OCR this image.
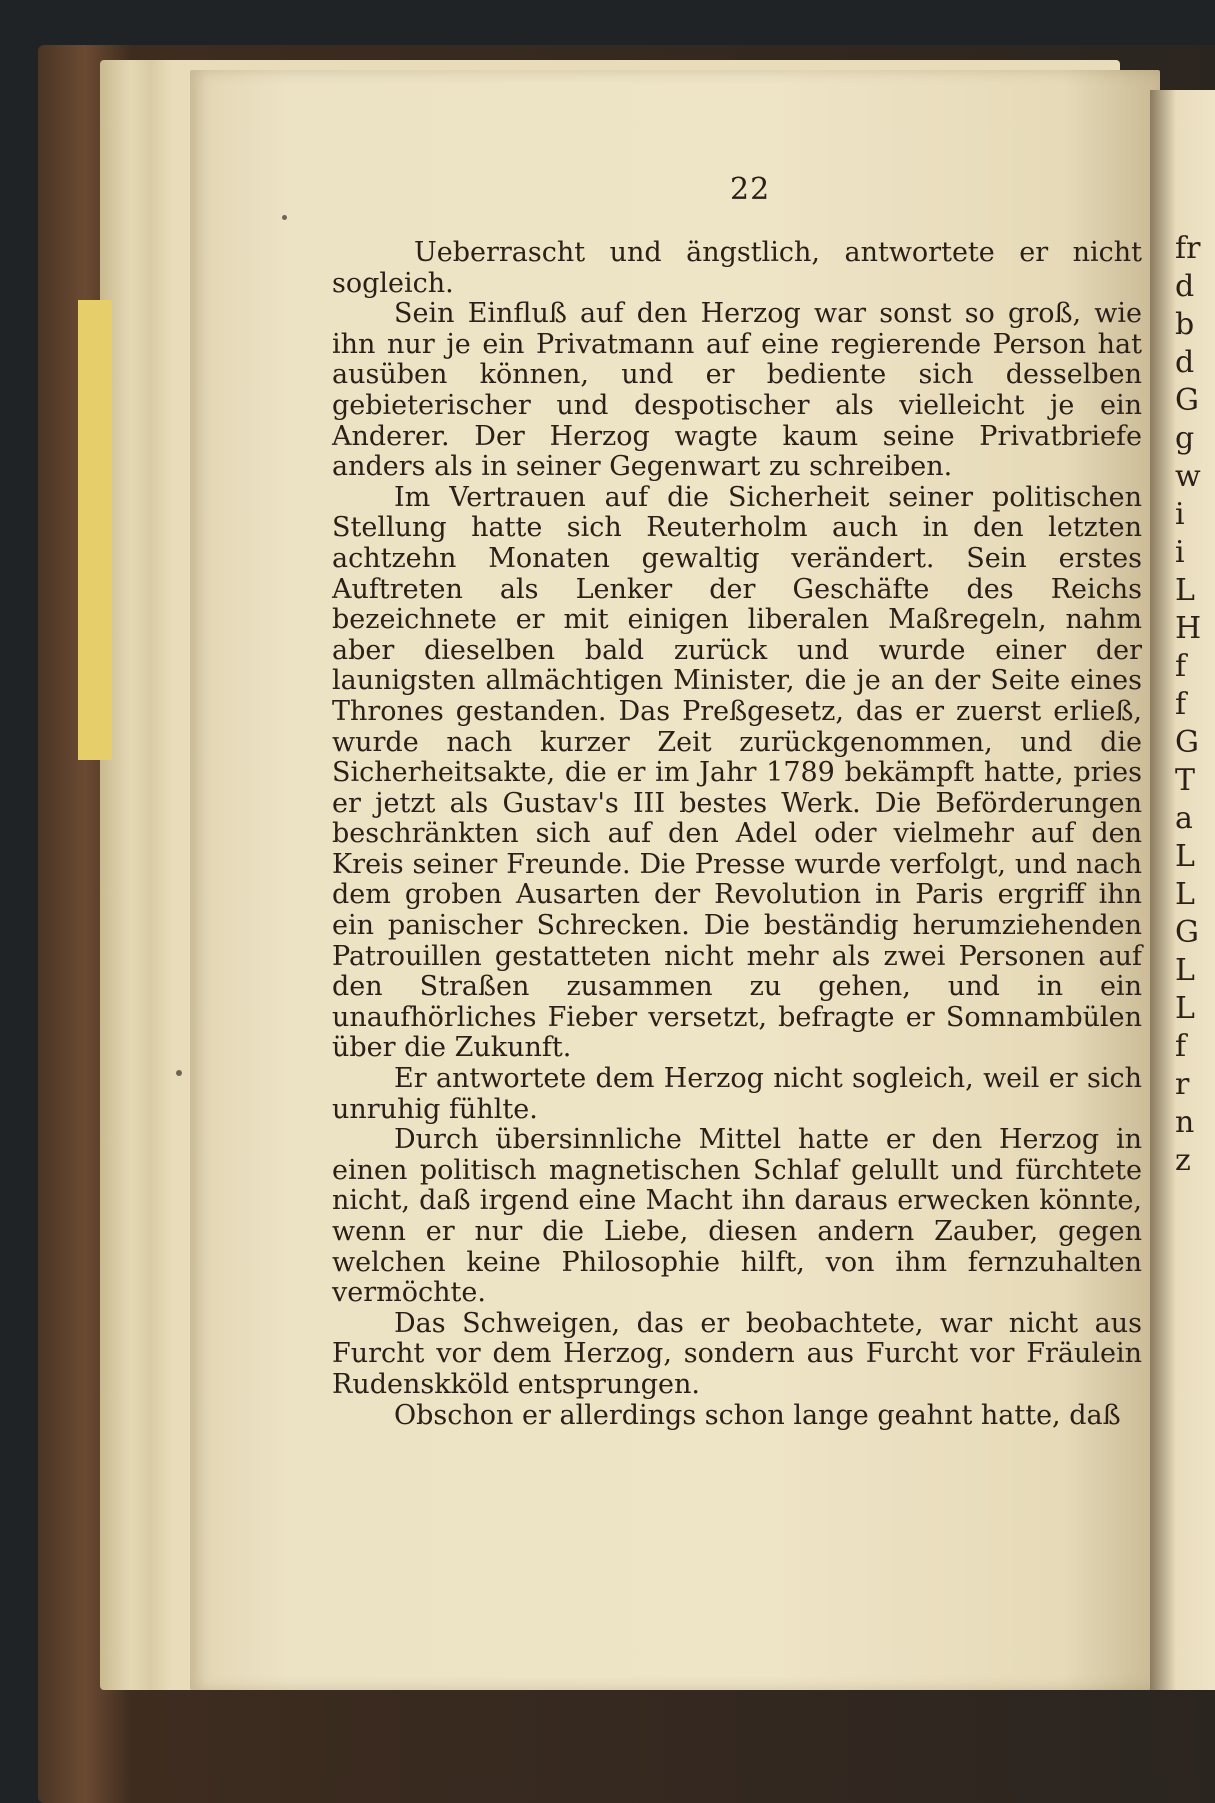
fr
d
b
d
G
g
w
i
i
L
H
f
f
G
T
a
L
L
G
L
L
f
r
n
z
22

Ueberrascht und ängstlich, antwortete er nicht sogleich.

Sein Einfluß auf den Herzog war sonst so groß, wie ihn nur je ein Privatmann auf eine regierende Person hat ausüben können, und er bediente sich desselben gebieterischer und despotischer als vielleicht je ein Anderer. Der Herzog wagte kaum seine Privatbriefe anders als in seiner Gegenwart zu schreiben.

Im Vertrauen auf die Sicherheit seiner politischen Stellung hatte sich Reuterholm auch in den letzten achtzehn Monaten gewaltig verändert. Sein erstes Auftreten als Lenker der Geschäfte des Reichs bezeichnete er mit einigen liberalen Maßregeln, nahm aber dieselben bald zurück und wurde einer der launigsten allmächtigen Minister, die je an der Seite eines Thrones gestanden. Das Preßgesetz, das er zuerst erließ, wurde nach kurzer Zeit zurückgenommen, und die Sicherheitsakte, die er im Jahr 1789 bekämpft hatte, pries er jetzt als Gustav's III bestes Werk. Die Beförderungen beschränkten sich auf den Adel oder vielmehr auf den Kreis seiner Freunde. Die Presse wurde verfolgt, und nach dem groben Ausarten der Revolution in Paris ergriff ihn ein panischer Schrecken. Die beständig herumziehenden Patrouillen gestatteten nicht mehr als zwei Personen auf den Straßen zusammen zu gehen, und in ein unaufhörliches Fieber versetzt, befragte er Somnambülen über die Zukunft.

Er antwortete dem Herzog nicht sogleich, weil er sich unruhig fühlte.

Durch übersinnliche Mittel hatte er den Herzog in einen politisch magnetischen Schlaf gelullt und fürchtete nicht, daß irgend eine Macht ihn daraus erwecken könnte, wenn er nur die Liebe, diesen andern Zauber, gegen welchen keine Philosophie hilft, von ihm fernzuhalten vermöchte.

Das Schweigen, das er beobachtete, war nicht aus Furcht vor dem Herzog, sondern aus Furcht vor Fräulein Rudenskköld entsprungen.

Obschon er allerdings schon lange geahnt hatte, daß
